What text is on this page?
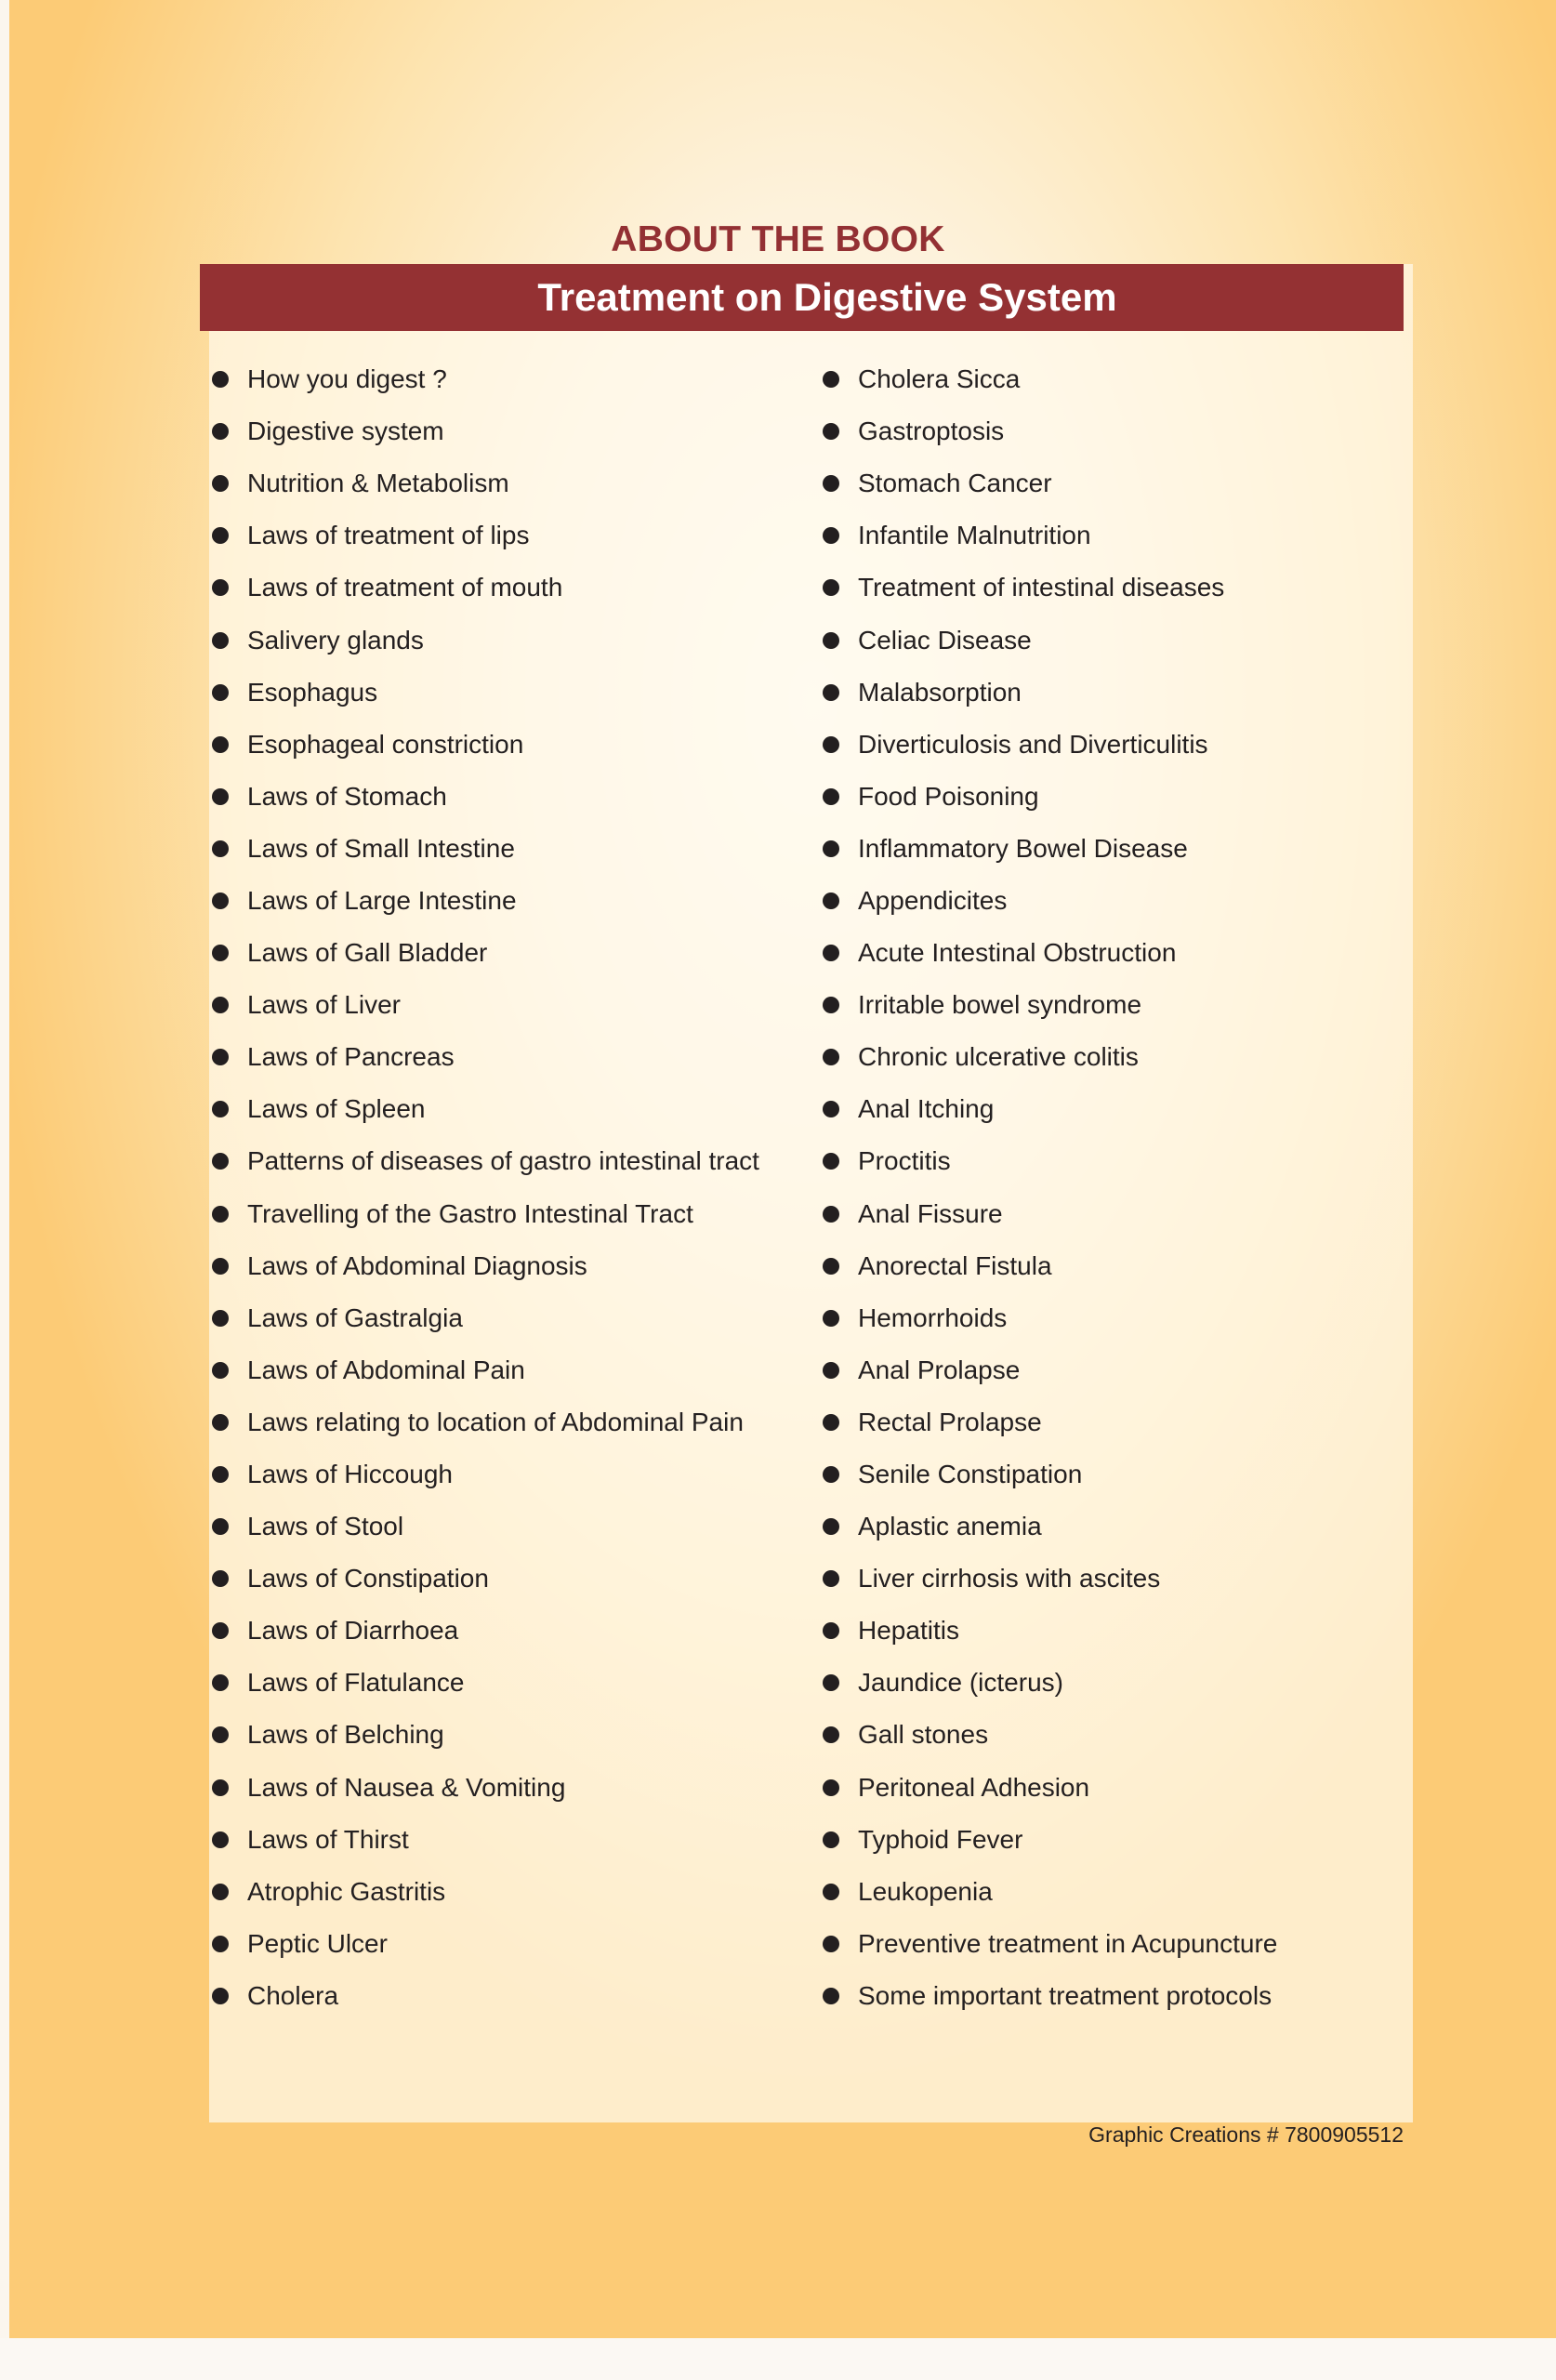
ABOUT THE BOOK
Treatment on Digestive System
How you digest ?
Digestive system
Nutrition & Metabolism
Laws of treatment of lips
Laws of treatment of mouth
Salivery glands
Esophagus
Esophageal constriction
Laws of Stomach
Laws of Small Intestine
Laws of Large Intestine
Laws of Gall Bladder
Laws of Liver
Laws of Pancreas
Laws of Spleen
Patterns of diseases of gastro intestinal tract
Travelling of the Gastro Intestinal Tract
Laws of Abdominal Diagnosis
Laws of Gastralgia
Laws of Abdominal Pain
Laws relating to location of Abdominal Pain
Laws of Hiccough
Laws of Stool
Laws of Constipation
Laws of Diarrhoea
Laws of Flatulance
Laws of Belching
Laws of Nausea & Vomiting
Laws of Thirst
Atrophic Gastritis
Peptic Ulcer
Cholera
Cholera Sicca
Gastroptosis
Stomach Cancer
Infantile Malnutrition
Treatment of intestinal diseases
Celiac Disease
Malabsorption
Diverticulosis and Diverticulitis
Food Poisoning
Inflammatory Bowel Disease
Appendicites
Acute Intestinal Obstruction
Irritable bowel syndrome
Chronic ulcerative colitis
Anal Itching
Proctitis
Anal Fissure
Anorectal Fistula
Hemorrhoids
Anal Prolapse
Rectal Prolapse
Senile Constipation
Aplastic anemia
Liver cirrhosis with ascites
Hepatitis
Jaundice (icterus)
Gall stones
Peritoneal Adhesion
Typhoid Fever
Leukopenia
Preventive treatment in Acupuncture
Some important treatment protocols
Graphic Creations # 7800905512
